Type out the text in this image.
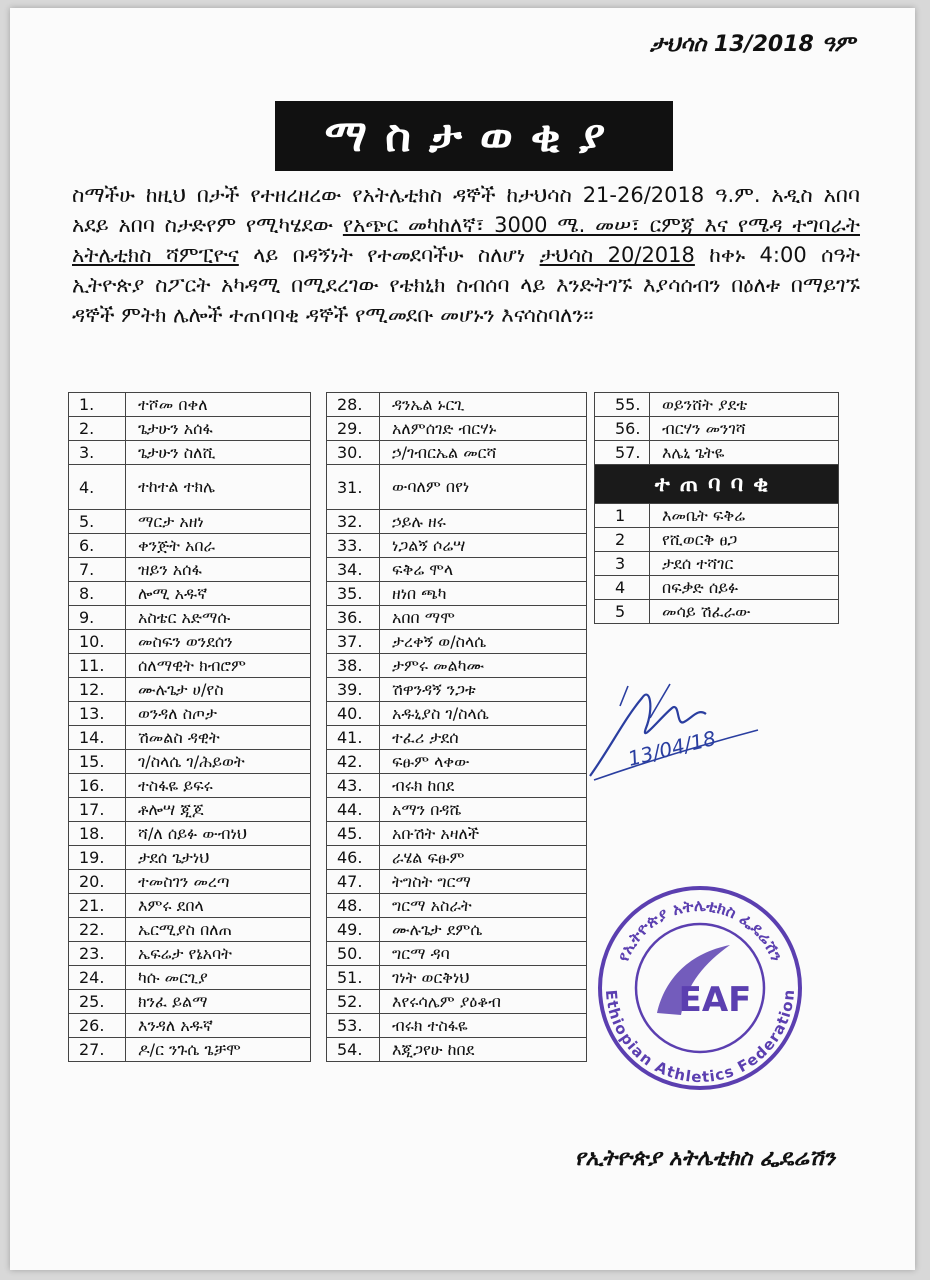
ታህሳስ 13/2018 ዓም
ማስታወቂያ
ስማችሁ ከዚህ በታች የተዘረዘረው የአትሌቲክስ ዳኞች ከታህሳስ 21-26/2018 ዓ.ም. አዲስ አበባ አደይ አበባ ስታድየም የሚካሄደው የአጭር መካከለኛ፣ 3000 ሜ. መሠ፣ ርምጃ እና የሜዳ ተግባራት አትሌቲክስ ሻምፒዮና ላይ በዳኝነት የተመደባችሁ ስለሆነ ታህሳስ 20/2018 ከቀኑ 4:00 ሰዓት ኢትዮጵያ ስፖርት አካዳሚ በሚደረገው የቴክኒክ ስብሰባ ላይ እንድትገኙ እያሳሰብን በዕለቱ በማይገኙ ዳኞች ምትክ ሌሎች ተጠባባቂ ዳኞች የሚመደቡ መሆኑን እናሳስባለን፡፡
1.	ተሾመ በቀለ
2.	ጌታሁን አሰፋ
3.	ጌታሁን ስለሺ
4.	ተከተል ተክሌ
5.	ማርታ አዘነ
6.	ቀንጅት አበራ
7.	ዝይን አሰፋ
8.	ሎሚ አዱኛ
9.	አስቴር አድማሱ
10.	መስፍን ወንደሰን
11.	ሰለማዊት ክብሮም
12.	ሙሉጌታ ሀ/የስ
13.	ወንዳለ ስጦታ
14.	ሽመልስ ዳዊት
15.	ገ/ስላሴ ገ/ሕይወት
16.	ተስፋዬ ይፍሩ
17.	ቶሎሣ ጂጆ
18.	ሻ/ለ ሰይፉ ውብነህ
19.	ታደሰ ጌታነህ
20.	ተመስገን መረጣ
21.	እምሩ ደበላ
22.	ኤርሚያስ በለጠ
23.	ኤፍሬታ የኔአባት
24.	ካሱ መርጊያ
25.	ክንፈ ይልማ
26.	እንዳለ አዱኛ
27.	ዶ/ር ንጉሴ ጌቻሞ
28.	ዳንኤል ኑርጊ
29.	አለምሰገድ ብርሃኑ
30.	ኃ/ገብርኤል መርሻ
31.	ውባለም በየነ
32.	ኃይሉ ዘሩ
33.	ነጋልኝ ሶሬሣ
34.	ፍቅሬ ሞላ
35.	ዘነበ ጫካ
36.	አበበ ማሞ
37.	ታረቀኝ ወ/ስላሴ
38.	ታምሩ መልካሙ
39.	ሽዋንዳኝ ንጋቱ
40.	አዱኒያስ ገ/ስላሴ
41.	ተፈሪ ታደሰ
42.	ፍፁም ላቀው
43.	ብሩክ ከበደ
44.	አማን በዳሼ
45.	አቡሽት አዛለች
46.	ራሄል ፍፁም
47.	ትግስት ግርማ
48.	ግርማ አስራት
49.	ሙሉጌታ ደምሴ
50.	ግርማ ዳባ
51.	ገነት ወርቅነህ
52.	እየሩሳሌም ያዕቆብ
53.	ብሩክ ተስፋዬ
54.	እጂጋየሁ ከበደ
55.	ወይንሸት ያደቴ
56.	ብርሃን መንገሻ
57.	እሌኒ ጌትዬ
ተጠባባቂ	
1	እመቤት ፍቅሬ
2	የሺወርቅ ፀጋ
3	ታደሰ ተሻገር
4	በፍቃድ ሰይፉ
5	መሳይ ሽፈራው
13/04/18
የኢትዮጵያ አትሌቲክስ ፌዴሬሽን
Ethiopian Athletics Federation
EAF
የኢትዮጵያ አትሌቲክስ ፌዴሬሽን
